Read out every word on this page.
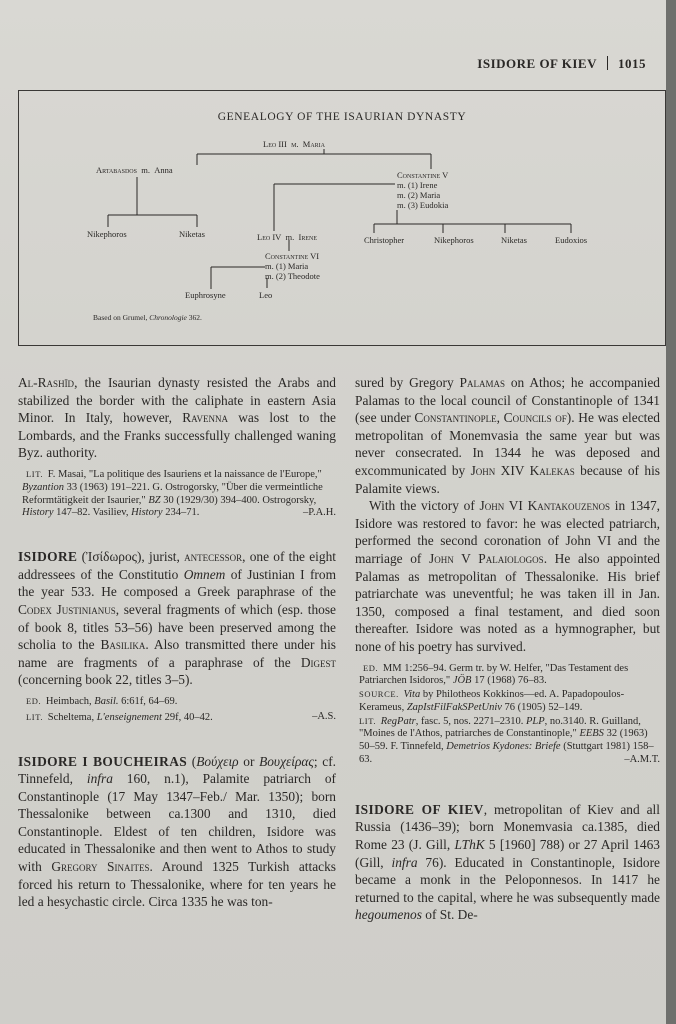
ISIDORE OF KIEV 1015
GENEALOGY OF THE ISAURIAN DYNASTY
Leo III m. Maria
Artabasdos m. Anna	Constantine V
m. (1) Irene
m. (2) Maria
m. (3) Eudokia
Nikephoros	Niketas	Leo IV m. Irene	Christopher	Nikephoros	Niketas	Eudoxios
Constantine VI
m. (1) Maria
m. (2) Theodote
Euphrosyne	Leo
Based on Grumel, Chronologie 362.

Al-Rashīd, the Isaurian dynasty resisted the Arabs and stabilized the border with the caliphate in eastern Asia Minor. In Italy, however, Ravenna was lost to the Lombards, and the Franks successfully challenged waning Byz. authority.

LIT. F. Masai, "La politique des Isauriens et la naissance de l'Europe," Byzantion 33 (1963) 191–221. G. Ostrogorsky, "Über die vermeintliche Reformtätigkeit der Isaurier," BZ 30 (1929/30) 394–400. Ostrogorsky, History 147–82. Vasiliev, History 234–71.	–P.A.H.

ISIDORE (Ἰσίδωρος), jurist, antecessor, one of the eight addressees of the Constitutio Omnem of Justinian I from the year 533. He composed a Greek paraphrase of the Codex Justinianus, several fragments of which (esp. those of book 8, titles 53–56) have been preserved among the scholia to the Basilika. Also transmitted there under his name are fragments of a paraphrase of the Digest (concerning book 22, titles 3–5).

ED. Heimbach, Basil. 6:61f, 64–69.

LIT. Scheltema, L'enseignement 29f, 40–42.	–A.S.

ISIDORE I BOUCHEIRAS (Βούχειρ or Βουχείρας; cf. Tinnefeld, infra 160, n.1), Palamite patriarch of Constantinople (17 May 1347–Feb./ Mar. 1350); born Thessalonike between ca.1300 and 1310, died Constantinople. Eldest of ten children, Isidore was educated in Thessalonike and then went to Athos to study with Gregory Sinaites. Around 1325 Turkish attacks forced his return to Thessalonike, where for ten years he led a hesychastic circle. Circa 1335 he was ton-

sured by Gregory Palamas on Athos; he accompanied Palamas to the local council of Constantinople of 1341 (see under Constantinople, Councils of). He was elected metropolitan of Monemvasia the same year but was never consecrated. In 1344 he was deposed and excommunicated by John XIV Kalekas because of his Palamite views.

With the victory of John VI Kantakouzenos in 1347, Isidore was restored to favor: he was elected patriarch, performed the second coronation of John VI and the marriage of John V Palaiologos. He also appointed Palamas as metropolitan of Thessalonike. His brief patriarchate was uneventful; he was taken ill in Jan. 1350, composed a final testament, and died soon thereafter. Isidore was noted as a hymnographer, but none of his poetry has survived.

ED. MM 1:256–94. Germ tr. by W. Helfer, "Das Testament des Patriarchen Isidoros," JÖB 17 (1968) 76–83.
SOURCE. Vita by Philotheos Kokkinos—ed. A. Papadopoulos-Kerameus, ZapIstFilFakSPetUniv 76 (1905) 52–149.
LIT. RegPatr, fasc. 5, nos. 2271–2310. PLP, no.3140. R. Guilland, "Moines de l'Athos, patriarches de Constantinople," EEBS 32 (1963) 50–59. F. Tinnefeld, Demetrios Kydones: Briefe (Stuttgart 1981) 158–63.	–A.M.T.

ISIDORE OF KIEV, metropolitan of Kiev and all Russia (1436–39); born Monemvasia ca.1385, died Rome 23 (J. Gill, LThK 5 [1960] 788) or 27 April 1463 (Gill, infra 76). Educated in Constantinople, Isidore became a monk in the Peloponnesos. In 1417 he returned to the capital, where he was subsequently made hegoumenos of St. De-
